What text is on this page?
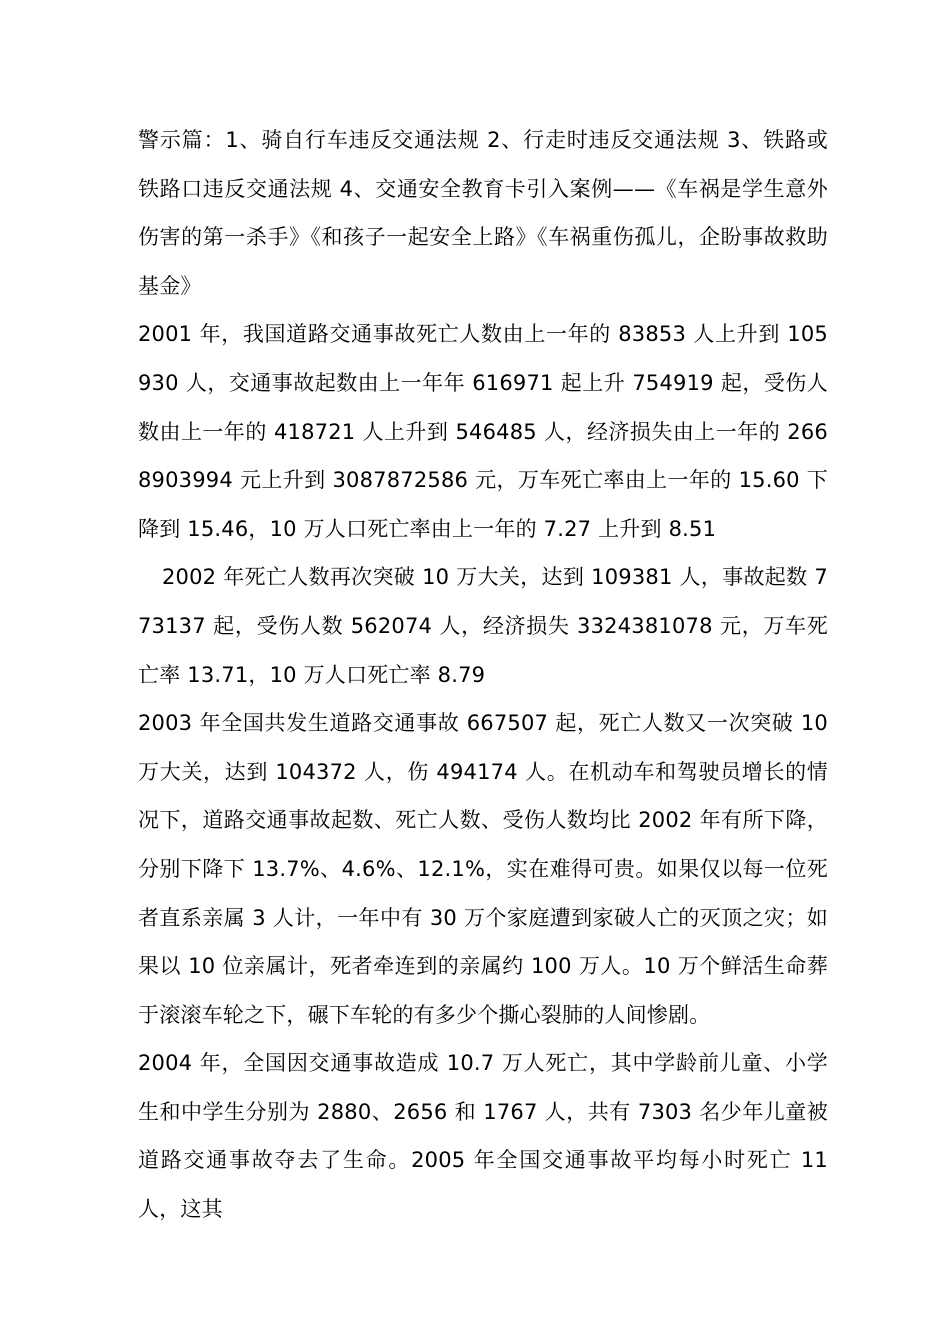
警示篇：1、骑自行车违反交通法规 2、行走时违反交通法规 3、铁路或铁路口违反交通法规 4、交通安全教育卡引入案例——《车祸是学生意外伤害的第一杀手》《和孩子一起安全上路》《车祸重伤孤儿，企盼事故救助基金》

2001 年，我国道路交通事故死亡人数由上一年的 83853 人上升到 105930 人，交通事故起数由上一年年 616971 起上升 754919 起，受伤人数由上一年的 418721 人上升到 546485 人，经济损失由上一年的 2668903994 元上升到 3087872586 元，万车死亡率由上一年的 15.60 下降到 15.46，10 万人口死亡率由上一年的 7.27 上升到 8.51

2002 年死亡人数再次突破 10 万大关，达到 109381 人，事故起数 773137 起，受伤人数 562074 人，经济损失 3324381078 元，万车死亡率 13.71，10 万人口死亡率 8.79

2003 年全国共发生道路交通事故 667507 起，死亡人数又一次突破 10 万大关，达到 104372 人，伤 494174 人。在机动车和驾驶员增长的情况下，道路交通事故起数、死亡人数、受伤人数均比 2002 年有所下降，分别下降下 13.7%、4.6%、12.1%，实在难得可贵。如果仅以每一位死者直系亲属 3 人计，一年中有 30 万个家庭遭到家破人亡的灭顶之灾；如果以 10 位亲属计，死者牵连到的亲属约 100 万人。10 万个鲜活生命葬于滚滚车轮之下，碾下车轮的有多少个撕心裂肺的人间惨剧。

2004 年，全国因交通事故造成 10.7 万人死亡，其中学龄前儿童、小学生和中学生分别为 2880、2656 和 1767 人，共有 7303 名少年儿童被道路交通事故夺去了生命。2005 年全国交通事故平均每小时死亡 11 人，这其
